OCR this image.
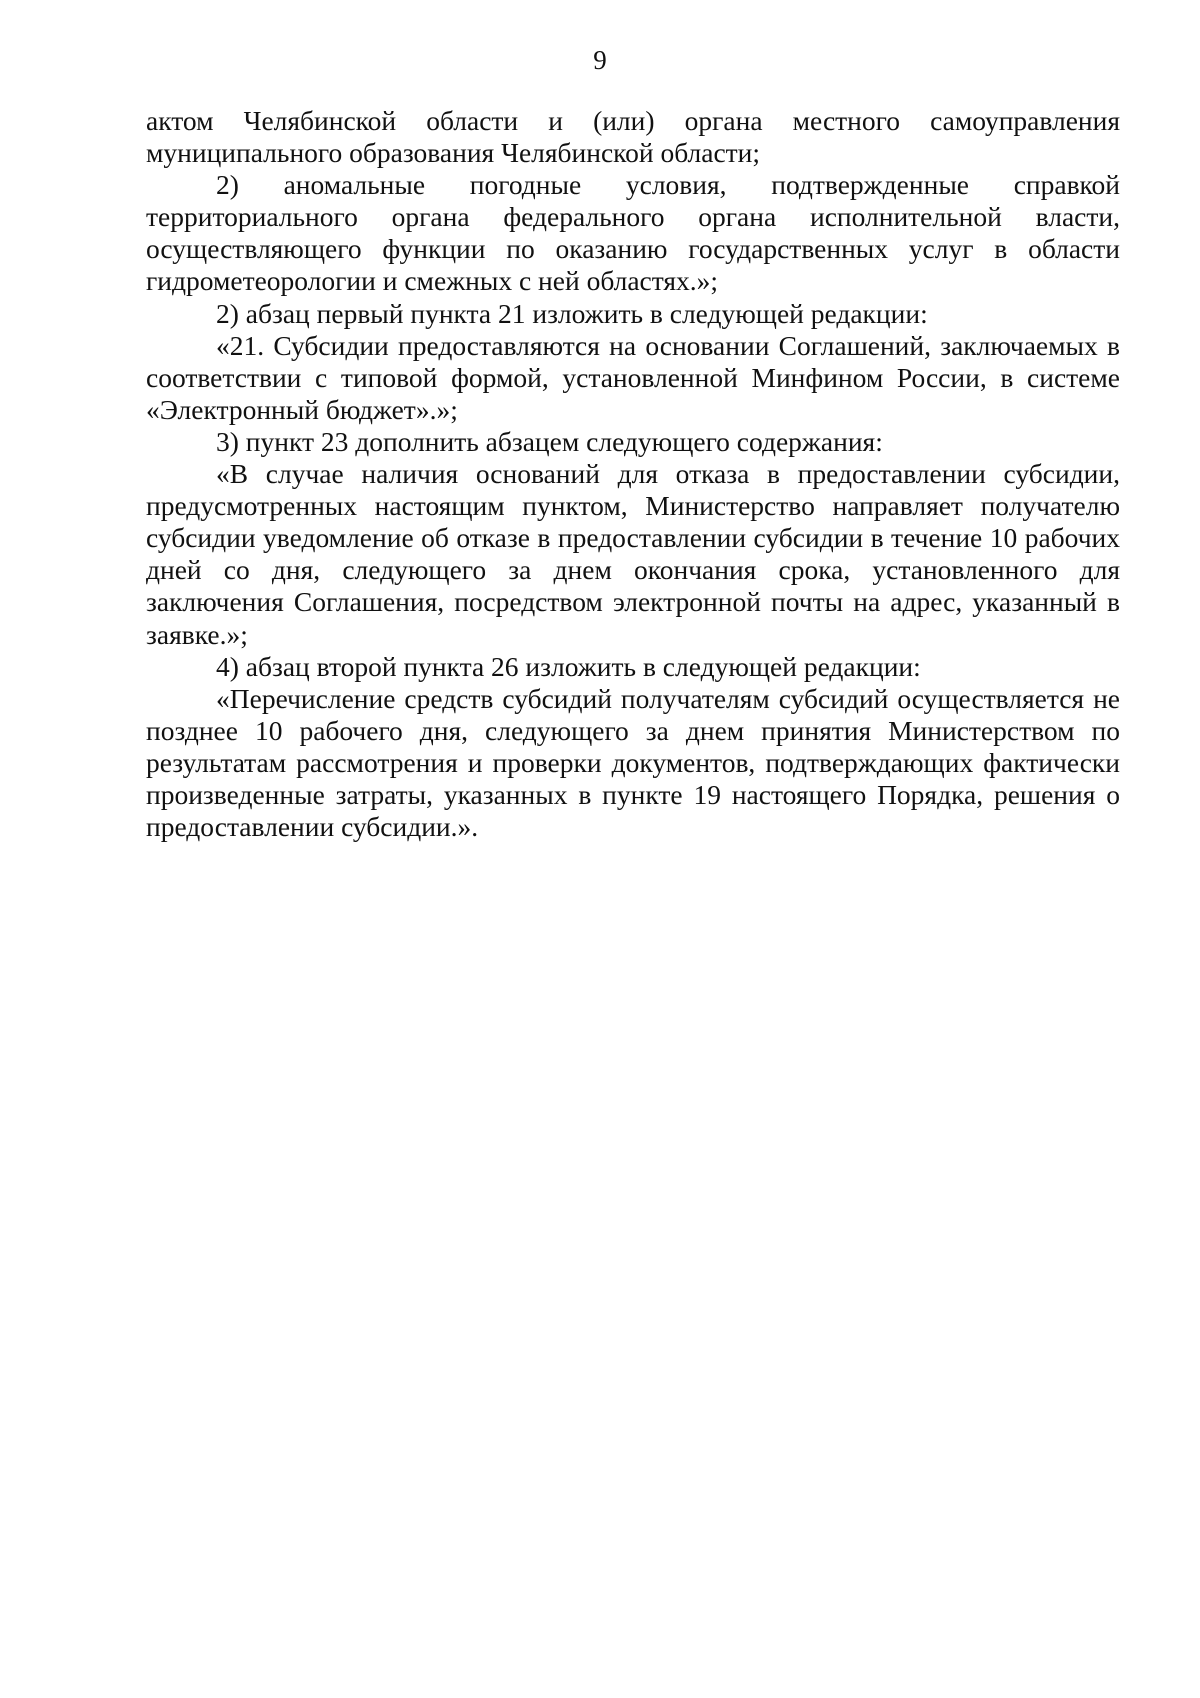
9

актом Челябинской области и (или) органа местного самоуправления муниципального образования Челябинской области;

2) аномальные погодные условия, подтвержденные справкой территориального органа федерального органа исполнительной власти, осуществляющего функции по оказанию государственных услуг в области гидрометеорологии и смежных с ней областях.»;

2) абзац первый пункта 21 изложить в следующей редакции:

«21. Субсидии предоставляются на основании Соглашений, заключаемых в соответствии с типовой формой, установленной Минфином России, в системе «Электронный бюджет».»;

3) пункт 23 дополнить абзацем следующего содержания:

«В случае наличия оснований для отказа в предоставлении субсидии, предусмотренных настоящим пунктом, Министерство направляет получателю субсидии уведомление об отказе в предоставлении субсидии в течение 10 рабочих дней со дня, следующего за днем окончания срока, установленного для заключения Соглашения, посредством электронной почты на адрес, указанный в заявке.»;

4) абзац второй пункта 26 изложить в следующей редакции:

«Перечисление средств субсидий получателям субсидий осуществляется не позднее 10 рабочего дня, следующего за днем принятия Министерством по результатам рассмотрения и проверки документов, подтверждающих фактически произведенные затраты, указанных в пункте 19 настоящего Порядка, решения о предоставлении субсидии.».
